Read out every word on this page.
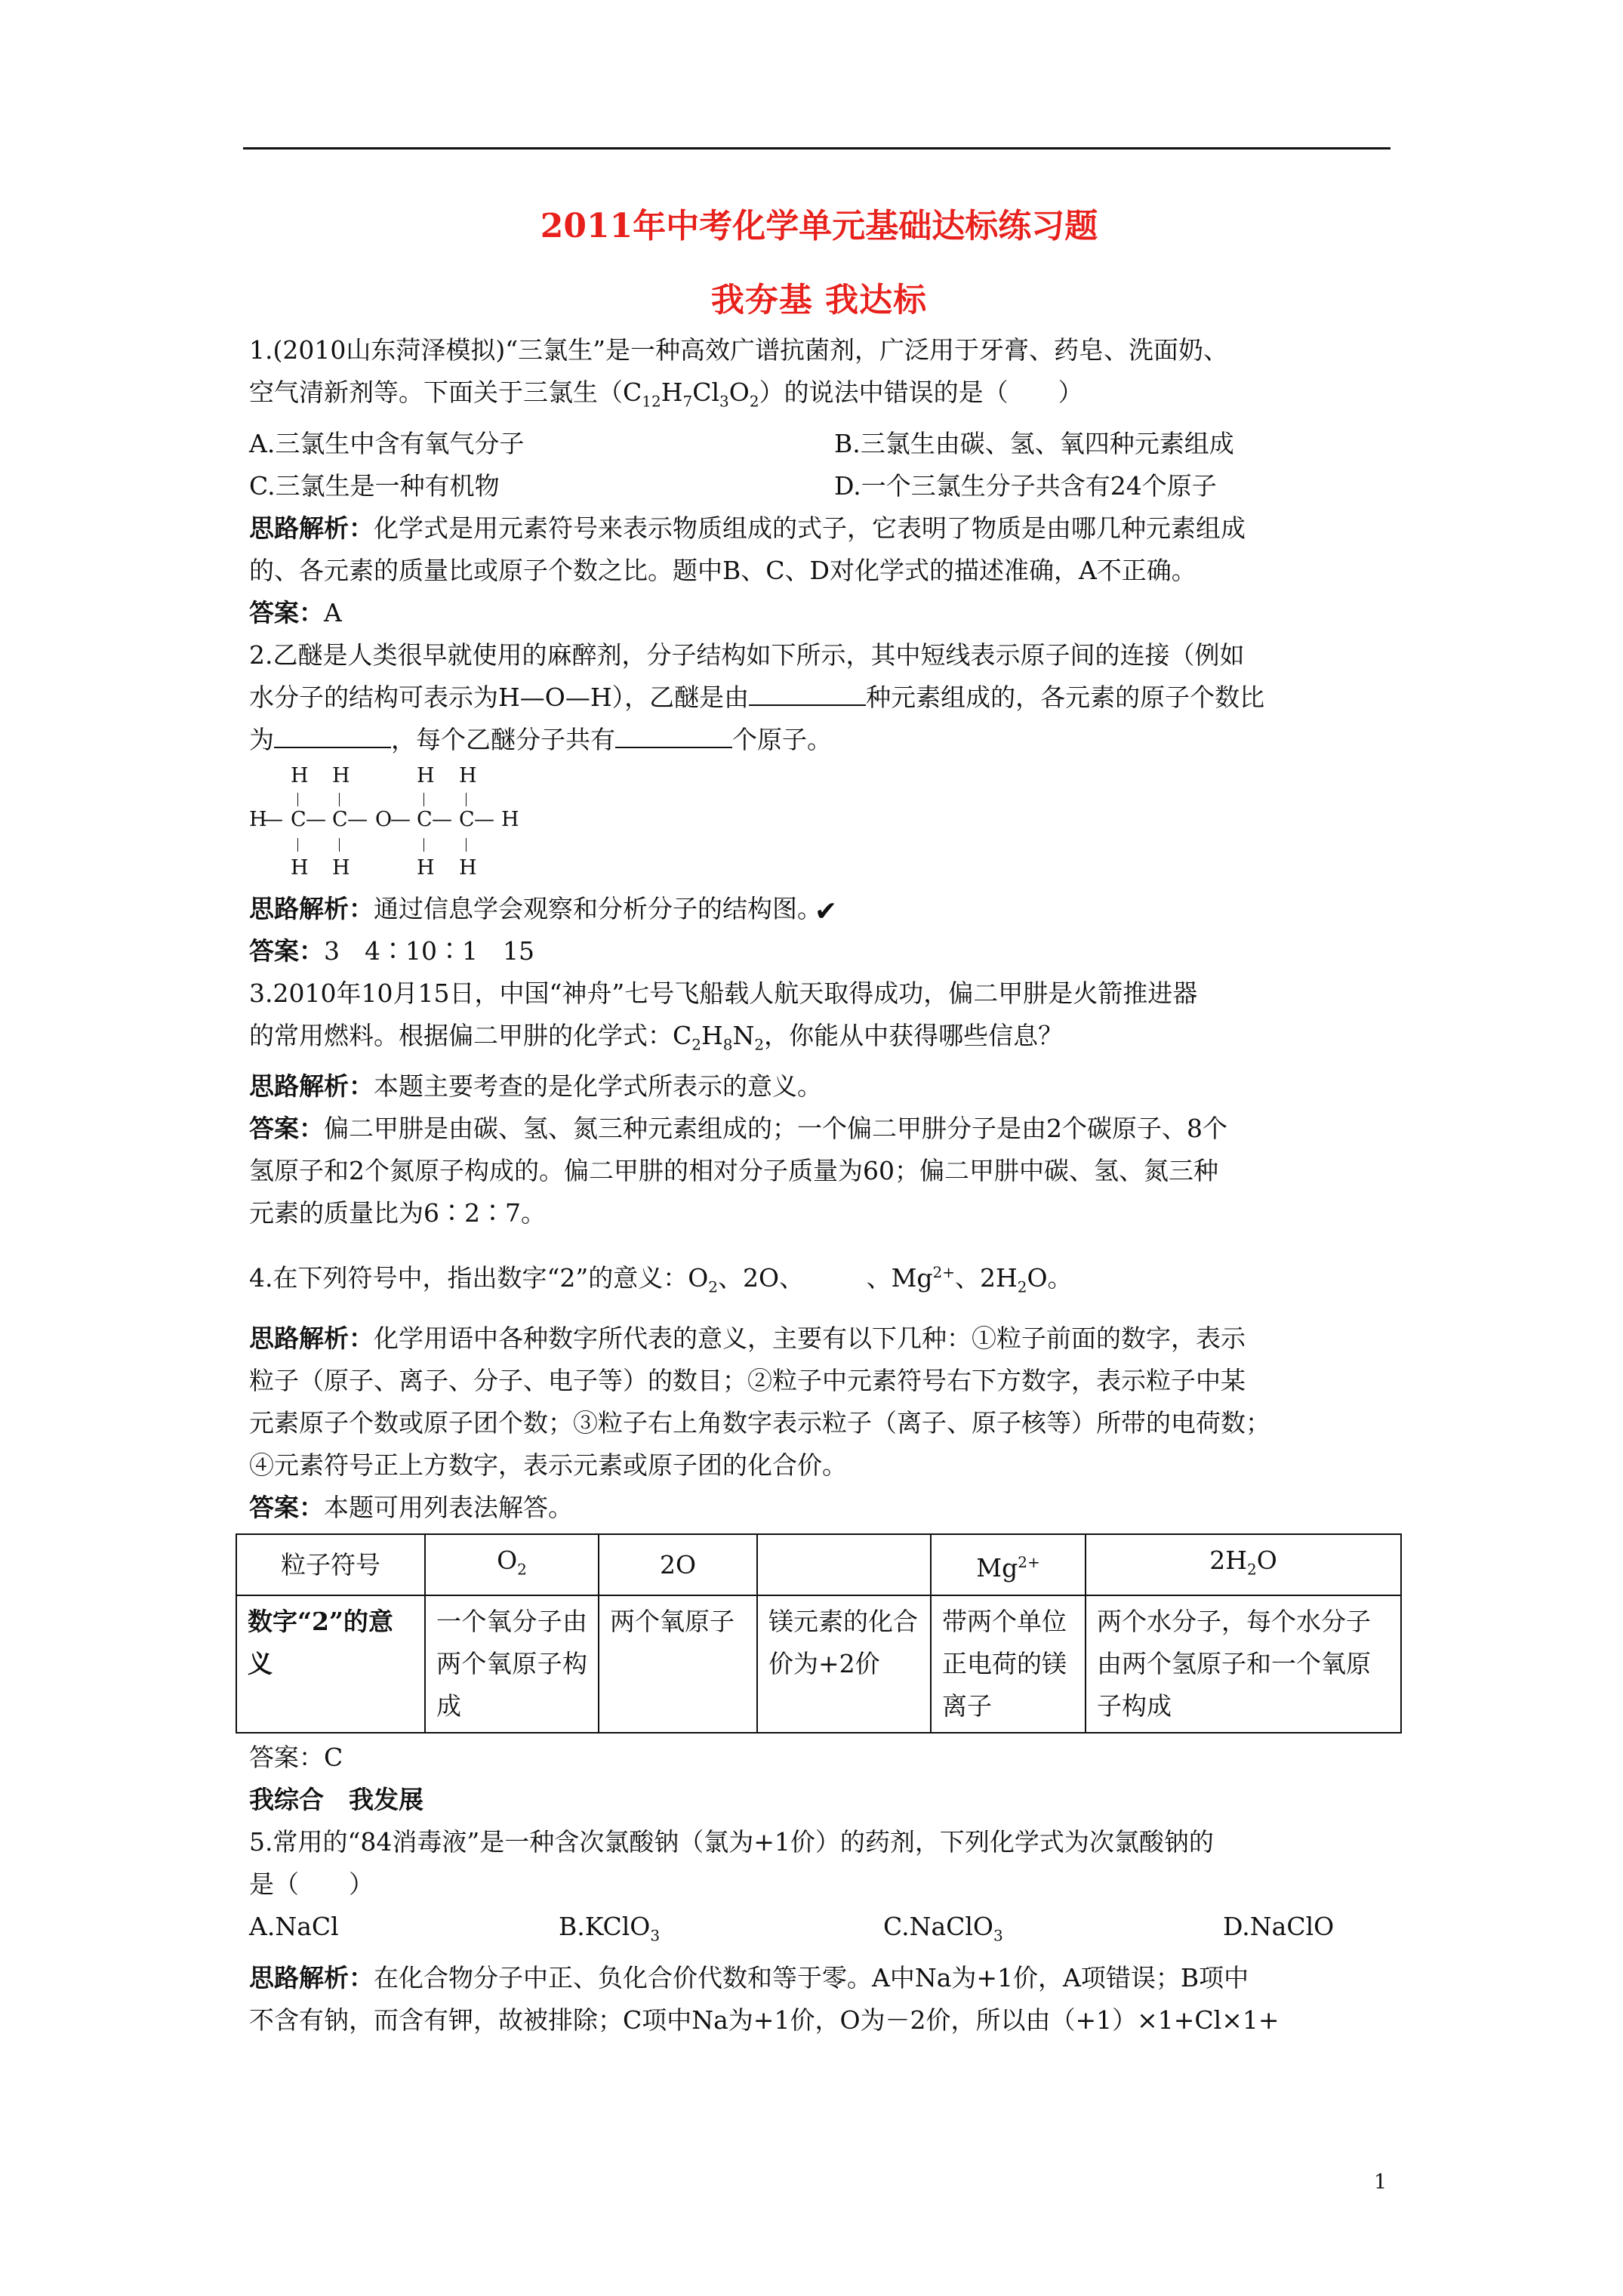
2011年中考化学单元基础达标练习题
我夯基 我达标

1.(2010山东菏泽模拟)“三氯生”是一种高效广谱抗菌剂，广泛用于牙膏、药皂、洗面奶、

空气清新剂等。下面关于三氯生$(C_{12}H_7Cl_3O_2)$的说法中错误的是（　　）

A.三氯生中含有氧气分子	B.三氯生由碳、氢、氧四种元素组成
C.三氯生是一种有机物	D.一个三氯生分子共含有24个原子

思路解析：化学式是用元素符号来表示物质组成的式子，它表明了物质是由哪几种元素组成

的、各元素的质量比或原子个数之比。题中B、C、D对化学式的描述准确，A不正确。

答案：A

2.乙醚是人类很早就使用的麻醉剂，分子结构如下所示，其中短线表示原子间的连接（例如

水分子的结构可表示为H—O—H），乙醚是由	种元素组成的，各元素的原子个数比

为	，每个乙醚分子共有	个原子。

H H	H H
H
— C — C — O
— C — C — H
H H	H H

思路解析：通过信息学会观察和分析分子的结构图。✔

答案：3　4∶10∶1　15

3.2010年10月15日，中国“神舟”七号飞船载人航天取得成功，偏二甲肼是火箭推进器

的常用燃料。根据偏二甲肼的化学式：$C_2H_8N_2$，你能从中获得哪些信息？

思路解析：本题主要考查的是化学式所表示的意义。

答案：偏二甲肼是由碳、氢、氮三种元素组成的；一个偏二甲肼分子是由2个碳原子、8个

氢原子和2个氮原子构成的。偏二甲肼的相对分子质量为60；偏二甲肼中碳、氢、氮三种

元素的质量比为6∶2∶7。

4.在下列符号中，指出数字“2”的意义：$O_2$、2O、　　　、$Mg^{2+}$、$2H_2O$。

思路解析：化学用语中各种数字所代表的意义，主要有以下几种：①粒子前面的数字，表示

粒子（原子、离子、分子、电子等）的数目；②粒子中元素符号右下方数字，表示粒子中某

元素原子个数或原子团个数；③粒子右上角数字表示粒子（离子、原子核等）所带的电荷数；

④元素符号正上方数字，表示元素或原子团的化合价。

答案：本题可用列表法解答。

粒子符号	$O_2$	2O		$Mg^{2+}$	$2H_2O$
数字“2”的意义	一个氧分子由两个氧原子构成	两个氧原子	镁元素的化合价为+2价	带两个单位正电荷的镁离子	两个水分子，每个水分子由两个氢原子和一个氧原子构成

答案：C

我综合　我发展

5.常用的“84消毒液”是一种含次氯酸钠（氯为+1价）的药剂，下列化学式为次氯酸钠的

是（　　）

A.NaCl	B.KClO$_3$	C.NaClO$_3$	D.NaClO

思路解析：在化合物分子中正、负化合价代数和等于零。A中Na为+1价，A项错误；B项中

不含有钠，而含有钾，故被排除；C项中Na为+1价，O为－2价，所以由（+1）×1+Cl×1+

1
